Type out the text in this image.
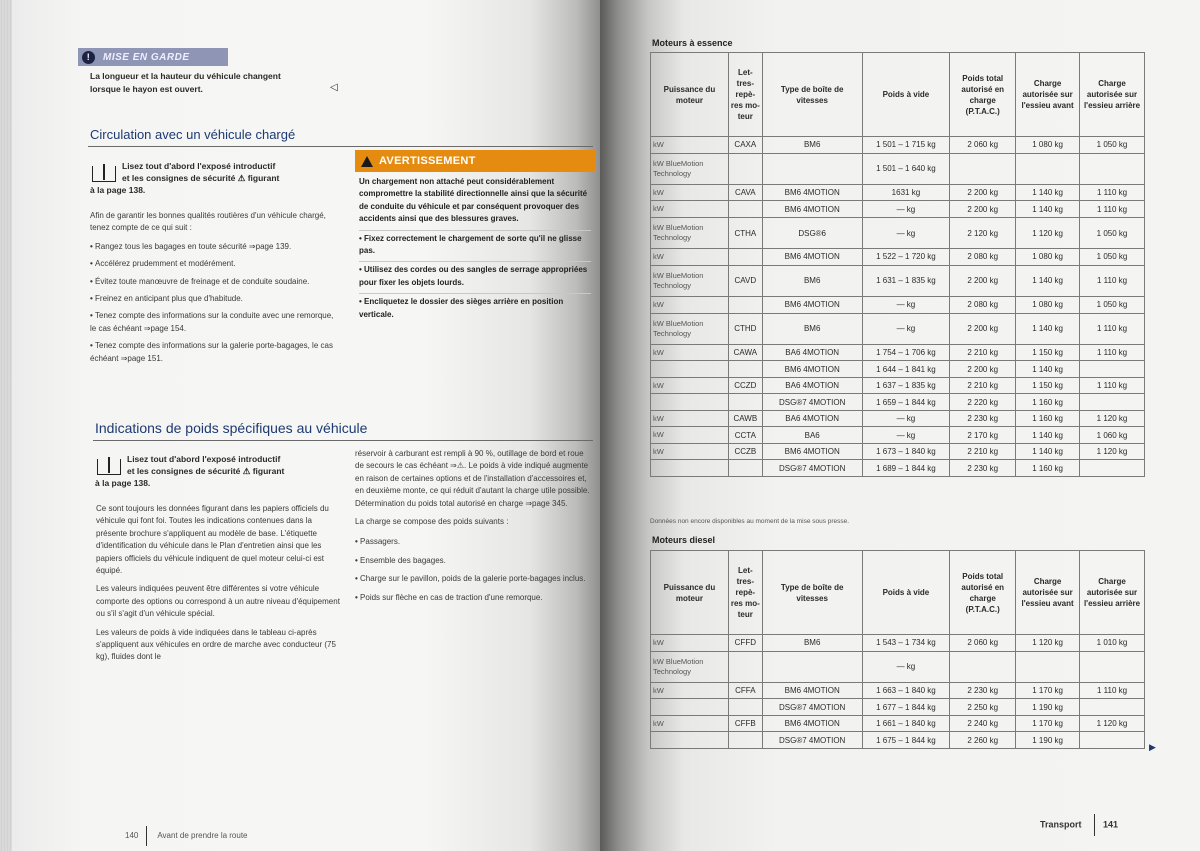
!	MISE EN GARDE
La longueur et la hauteur du véhicule changent
lorsque le hayon est ouvert.	◁
Circulation avec un véhicule chargé
Lisez tout d'abord l'exposé introductif
et les consignes de sécurité ⚠ figurant
à la page 138.

Afin de garantir les bonnes qualités routières d'un véhicule chargé, tenez compte de ce qui suit :

• Rangez tous les bagages en toute sécurité ⇒page 139.
• Accélérez prudemment et modérément.
• Évitez toute manœuvre de freinage et de conduite soudaine.
• Freinez en anticipant plus que d'habitude.
• Tenez compte des informations sur la conduite avec une remorque, le cas échéant ⇒page 154.
• Tenez compte des informations sur la galerie porte-bagages, le cas échéant ⇒page 151.
AVERTISSEMENT
Un chargement non attaché peut considérablement compromettre la stabilité directionnelle ainsi que la sécurité de conduite du véhicule et par conséquent provoquer des accidents ainsi que des blessures graves.
• Fixez correctement le chargement de sorte qu'il ne glisse pas.
• Utilisez des cordes ou des sangles de serrage appropriées pour fixer les objets lourds.
• Encliquetez le dossier des sièges arrière en position verticale.
Indications de poids spécifiques au véhicule
Lisez tout d'abord l'exposé introductif
et les consignes de sécurité ⚠ figurant
à la page 138.

Ce sont toujours les données figurant dans les papiers officiels du véhicule qui font foi. Toutes les indications contenues dans la présente brochure s'appliquent au modèle de base. L'étiquette d'identification du véhicule dans le Plan d'entretien ainsi que les papiers officiels du véhicule indiquent de quel moteur celui-ci est équipé.

Les valeurs indiquées peuvent être différentes si votre véhicule comporte des options ou correspond à un autre niveau d'équipement ou s'il s'agit d'un véhicule spécial.

Les valeurs de poids à vide indiquées dans le tableau ci-après s'appliquent aux véhicules en ordre de marche avec conducteur (75 kg), fluides dont le

réservoir à carburant est rempli à 90 %, outillage de bord et roue de secours le cas échéant ⇒⚠. Le poids à vide indiqué augmente en raison de certaines options et de l'installation d'accessoires et, en deuxième monte, ce qui réduit d'autant la charge utile possible. Détermination du poids total autorisé en charge ⇒page 345.

La charge se compose des poids suivants :

• Passagers.
• Ensemble des bagages.
• Charge sur le pavillon, poids de la galerie porte-bagages inclus.
• Poids sur flèche en cas de traction d'une remorque.
140 Avant de prendre la route
Moteurs à essence
Puissance du moteur	Let-tres-repè-res mo-teur	Type de boîte de vitesses	Poids à vide	Poids total autorisé en charge (P.T.A.C.)	Charge autorisée sur l'essieu avant	Charge autorisée sur l'essieu arrière
kW	CAXA	BM6	1 501 – 1 715 kg	2 060 kg	1 080 kg	1 050 kg
kW BlueMotion Technology			1 501 – 1 640 kg			
kW	CAVA	BM6 4MOTION	1631 kg	2 200 kg	1 140 kg	1 110 kg
kW		BM6 4MOTION	— kg	2 200 kg	1 140 kg	1 110 kg
kW BlueMotion Technology	CTHA	DSG®6	— kg	2 120 kg	1 120 kg	1 050 kg
kW		BM6 4MOTION	1 522 – 1 720 kg	2 080 kg	1 080 kg	1 050 kg
kW BlueMotion Technology	CAVD	BM6	1 631 – 1 835 kg	2 200 kg	1 140 kg	1 110 kg
kW		BM6 4MOTION	— kg	2 080 kg	1 080 kg	1 050 kg
kW BlueMotion Technology	CTHD	BM6	— kg	2 200 kg	1 140 kg	1 110 kg
kW	CAWA	BA6 4MOTION	1 754 – 1 706 kg	2 210 kg	1 150 kg	1 110 kg
		BM6 4MOTION	1 644 – 1 841 kg	2 200 kg	1 140 kg	
kW	CCZD	BA6 4MOTION	1 637 – 1 835 kg	2 210 kg	1 150 kg	1 110 kg
		DSG®7 4MOTION	1 659 – 1 844 kg	2 220 kg	1 160 kg	
kW	CAWB	BA6 4MOTION	— kg	2 230 kg	1 160 kg	1 120 kg
kW	CCTA	BA6	— kg	2 170 kg	1 140 kg	1 060 kg
kW	CCZB	BM6 4MOTION	1 673 – 1 840 kg	2 210 kg	1 140 kg	1 120 kg
		DSG®7 4MOTION	1 689 – 1 844 kg	2 230 kg	1 160 kg	
Données non encore disponibles au moment de la mise sous presse.
Moteurs diesel
Puissance du moteur	Let-tres-repè-res mo-teur	Type de boîte de vitesses	Poids à vide	Poids total autorisé en charge (P.T.A.C.)	Charge autorisée sur l'essieu avant	Charge autorisée sur l'essieu arrière
kW	CFFD	BM6	1 543 – 1 734 kg	2 060 kg	1 120 kg	1 010 kg
kW BlueMotion Technology			— kg			
kW	CFFA	BM6 4MOTION	1 663 – 1 840 kg	2 230 kg	1 170 kg	1 110 kg
		DSG®7 4MOTION	1 677 – 1 844 kg	2 250 kg	1 190 kg	
kW	CFFB	BM6 4MOTION	1 661 – 1 840 kg	2 240 kg	1 170 kg	1 120 kg
		DSG®7 4MOTION	1 675 – 1 844 kg	2 260 kg	1 190 kg	
▶
Transport 141
